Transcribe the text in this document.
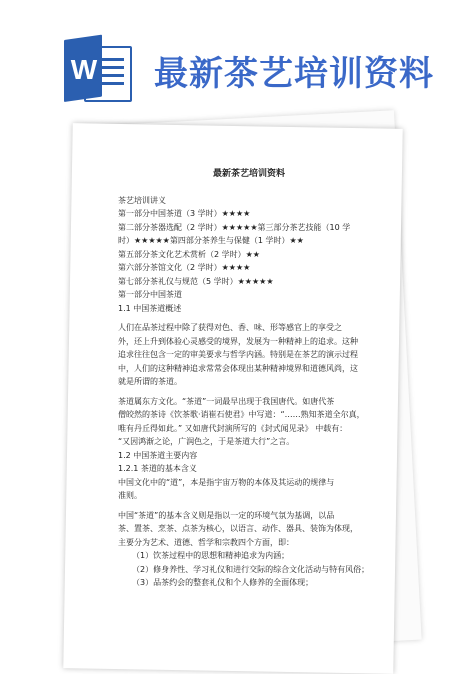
W 最新茶艺培训资料
最新茶艺培训资料
茶艺培训讲义
第一部分中国茶道（3 学时）★★★★
第二部分茶器选配（2 学时）★★★★★第三部分茶艺技能（10 学
时）★★★★★第四部分茶养生与保健（1 学时）★★
第五部分茶文化艺术赏析（2 学时）★★
第六部分茶馆文化（2 学时）★★★★
第七部分茶礼仪与规范（5 学时）★★★★★
第一部分中国茶道
1.1 中国茶道概述
人们在品茶过程中除了获得对色、香、味、形等感官上的享受之
外，还上升到体验心灵感受的境界，发展为一种精神上的追求。这种
追求往往包含一定的审美要求与哲学内涵。特别是在茶艺的演示过程
中，人们的这种精神追求常常会体现出某种精神境界和道德风尚，这
就是所谓的茶道。
茶道属东方文化。“茶道”一词最早出现于我国唐代。如唐代茶
僧皎然的茶诗《饮茶歌·诮崔石使君》中写道：“……熟知茶道全尔真，
唯有丹丘得如此。” 又如唐代封演所写的《封式闻见录》 中载有：
“又因鸿渐之论，广润色之，于是茶道大行”之言。
1.2 中国茶道主要内容
1.2.1 茶道的基本含义
中国文化中的“道”，本是指宇宙万物的本体及其运动的规律与
准则。
中国“茶道”的基本含义则是指以一定的环境气氛为基调，以品
茶、置茶、烹茶、点茶为核心，以语言、动作、器具、装饰为体现，
主要分为艺术、道德、哲学和宗教四个方面，即：
（1）饮茶过程中的思想和精神追求为内涵；
（2）修身养性、学习礼仪和进行交际的综合文化活动与特有风俗；
（3）品茶约会的整套礼仪和个人修养的全面体现；
